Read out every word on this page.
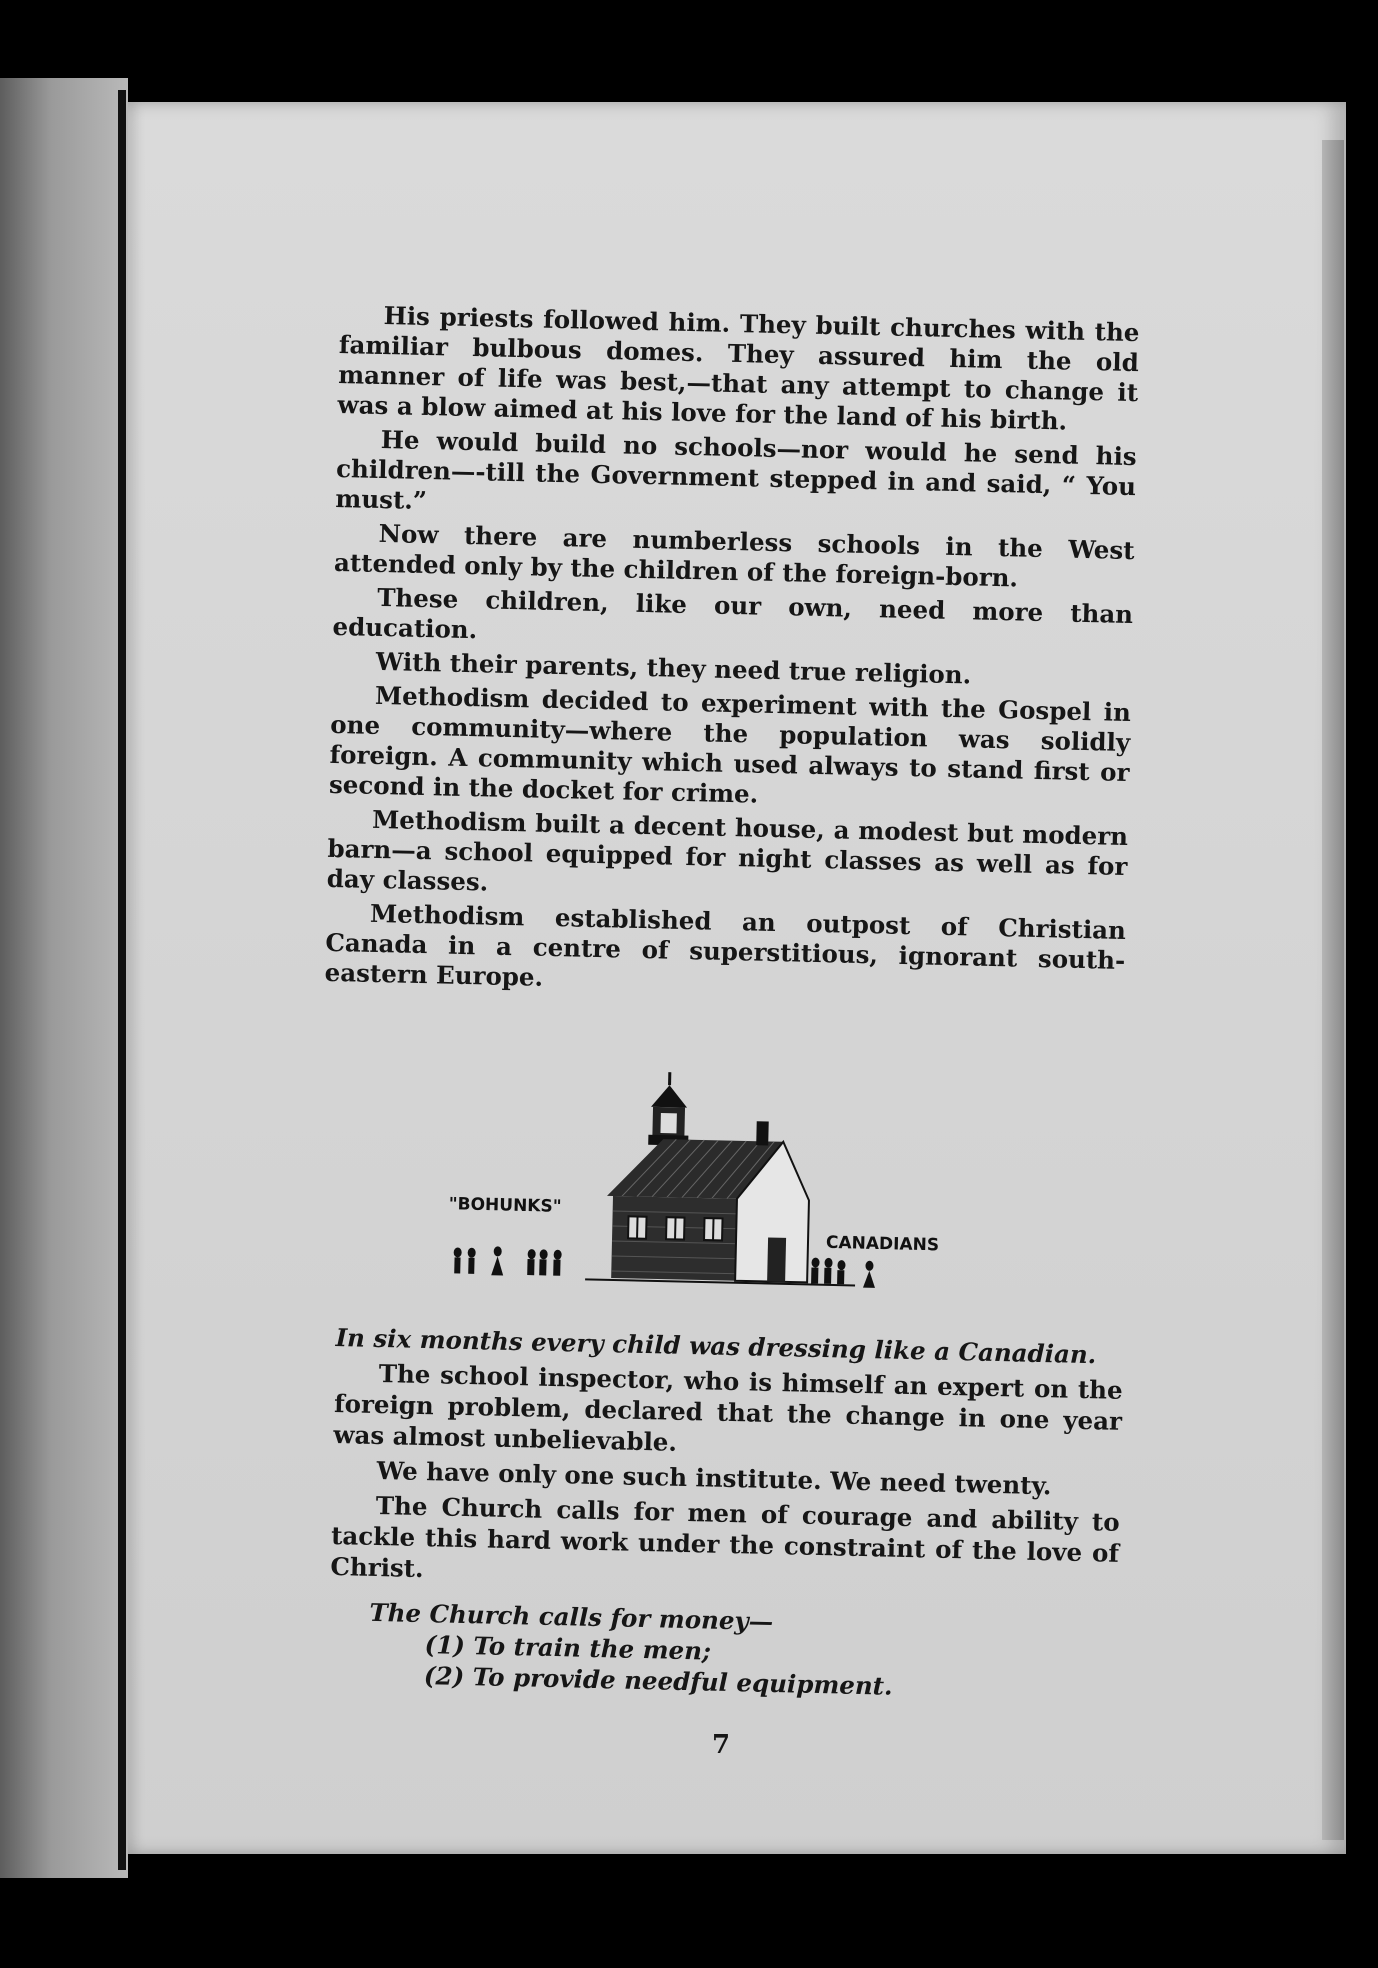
His priests followed him. They built churches with the familiar bulbous domes. They assured him the old manner of life was best,—that any attempt to change it was a blow aimed at his love for the land of his birth.

He would build no schools—nor would he send his children—-till the Government stepped in and said, “ You must.”

Now there are numberless schools in the West attended only by the children of the foreign-born.

These children, like our own, need more than education.

With their parents, they need true religion.

Methodism decided to experiment with the Gospel in one community—where the population was solidly foreign. A community which used always to stand first or second in the docket for crime.

Methodism built a decent house, a modest but modern barn—a school equipped for night classes as well as for day classes.

Methodism established an outpost of Christian Canada in a centre of superstitious, ignorant south-eastern Europe.

"BOHUNKS"
CANADIANS

In six months every child was dressing like a Canadian.

The school inspector, who is himself an expert on the foreign problem, declared that the change in one year was almost unbelievable.

We have only one such institute. We need twenty.

The Church calls for men of courage and ability to tackle this hard work under the constraint of the love of Christ.

The Church calls for money—
(1) To train the men;
(2) To provide needful equipment.
7
